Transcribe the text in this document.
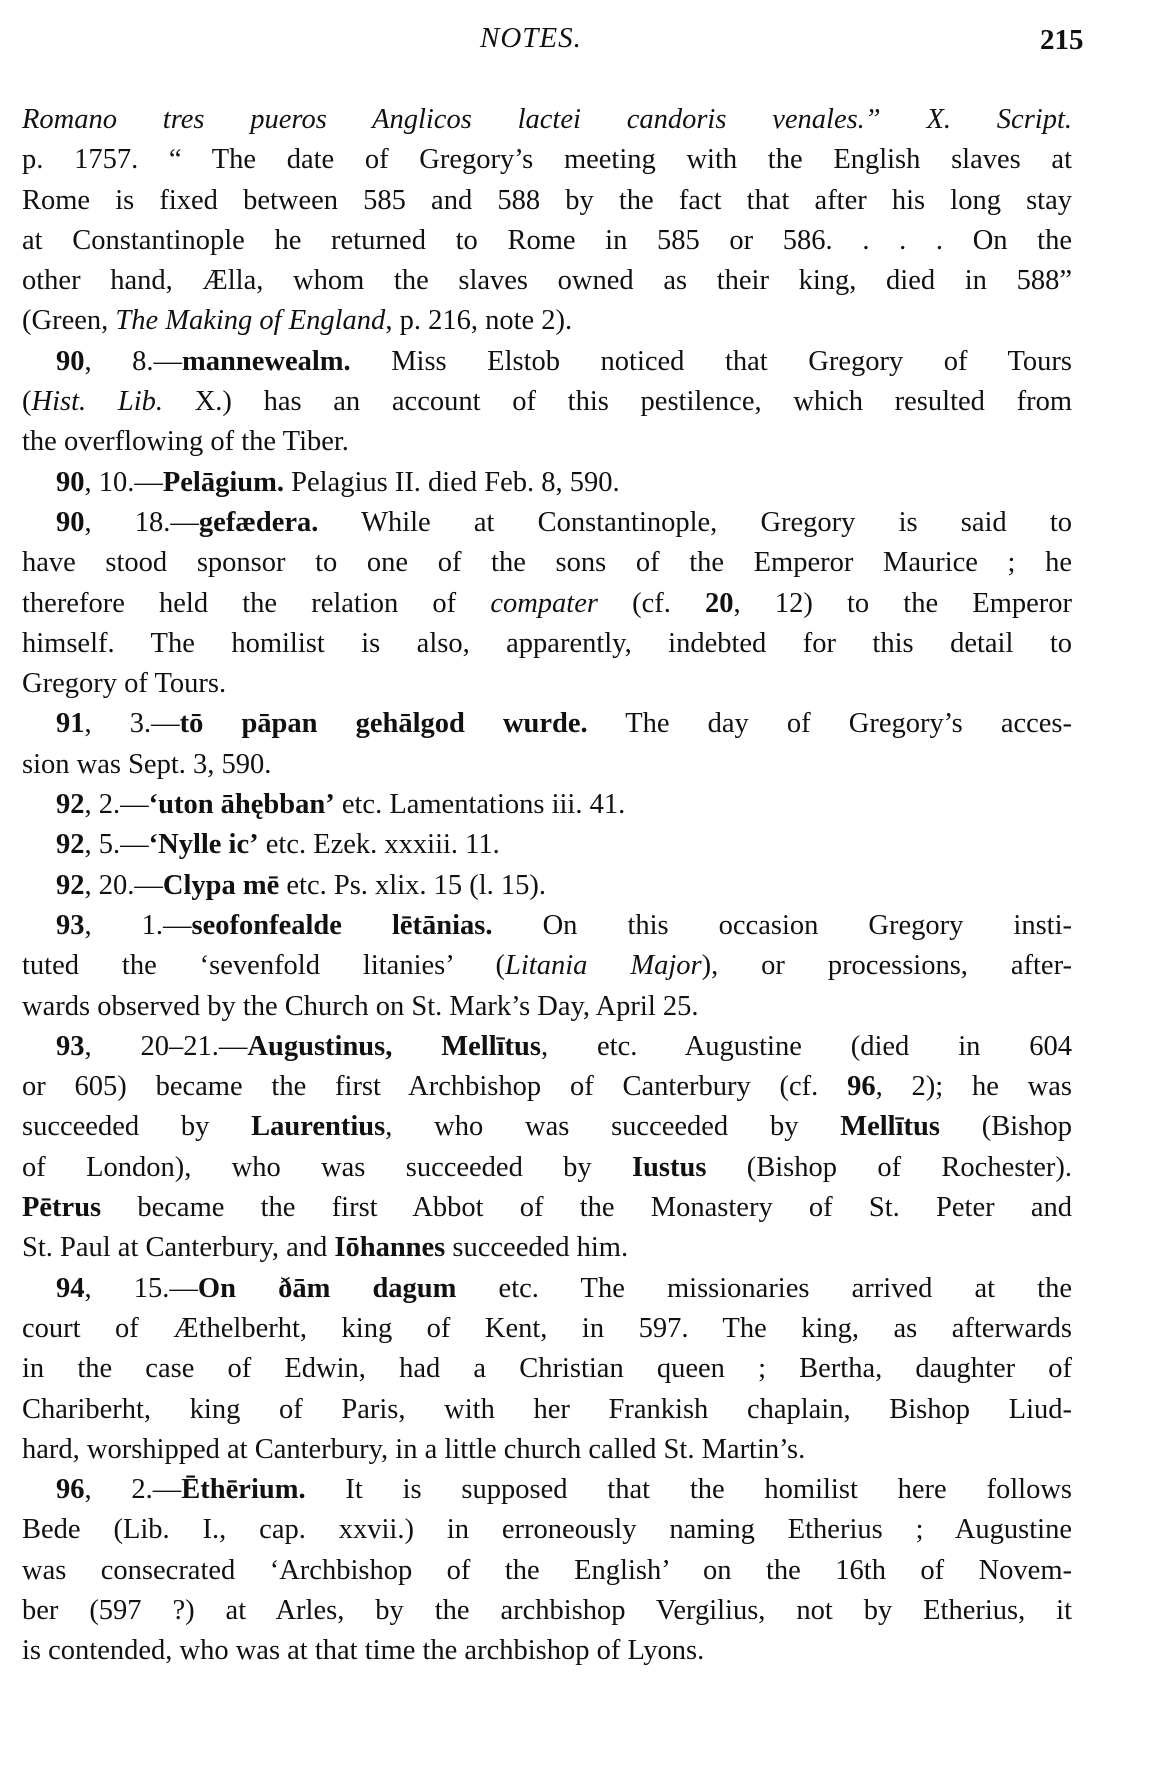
NOTES.	215
Romano tres pueros Anglicos lactei candoris venales.” X. Script.
p. 1757. “ The date of Gregory’s meeting with the English slaves at
Rome is fixed between 585 and 588 by the fact that after his long stay
at Constantinople he returned to Rome in 585 or 586. . . . On the
other hand, Ælla, whom the slaves owned as their king, died in 588”
(Green, The Making of England, p. 216, note 2).
90, 8.—mannewealm. Miss Elstob noticed that Gregory of Tours
(Hist. Lib. X.) has an account of this pestilence, which resulted from
the overflowing of the Tiber.
90, 10.—Pelāgium. Pelagius II. died Feb. 8, 590.
90, 18.—gefædera. While at Constantinople, Gregory is said to
have stood sponsor to one of the sons of the Emperor Maurice ; he
therefore held the relation of compater (cf. 20, 12) to the Emperor
himself. The homilist is also, apparently, indebted for this detail to
Gregory of Tours.
91, 3.—tō pāpan gehālgod wurde. The day of Gregory’s acces-
sion was Sept. 3, 590.
92, 2.—‘uton āhębban’ etc. Lamentations iii. 41.
92, 5.—‘Nylle ic’ etc. Ezek. xxxiii. 11.
92, 20.—Clypa mē etc. Ps. xlix. 15 (l. 15).
93, 1.—seofonfealde lētānias. On this occasion Gregory insti-
tuted the ‘sevenfold litanies’ (Litania Major), or processions, after-
wards observed by the Church on St. Mark’s Day, April 25.
93, 20–21.—Augustinus, Mellītus, etc. Augustine (died in 604
or 605) became the first Archbishop of Canterbury (cf. 96, 2); he was
succeeded by Laurentius, who was succeeded by Mellītus (Bishop
of London), who was succeeded by Iustus (Bishop of Rochester).
Pētrus became the first Abbot of the Monastery of St. Peter and
St. Paul at Canterbury, and Iōhannes succeeded him.
94, 15.—On ðām dagum etc. The missionaries arrived at the
court of Æthelberht, king of Kent, in 597. The king, as afterwards
in the case of Edwin, had a Christian queen ; Bertha, daughter of
Chariberht, king of Paris, with her Frankish chaplain, Bishop Liud-
hard, worshipped at Canterbury, in a little church called St. Martin’s.
96, 2.—Ēthērium. It is supposed that the homilist here follows
Bede (Lib. I., cap. xxvii.) in erroneously naming Etherius ; Augustine
was consecrated ‘Archbishop of the English’ on the 16th of Novem-
ber (597 ?) at Arles, by the archbishop Vergilius, not by Etherius, it
is contended, who was at that time the archbishop of Lyons.
